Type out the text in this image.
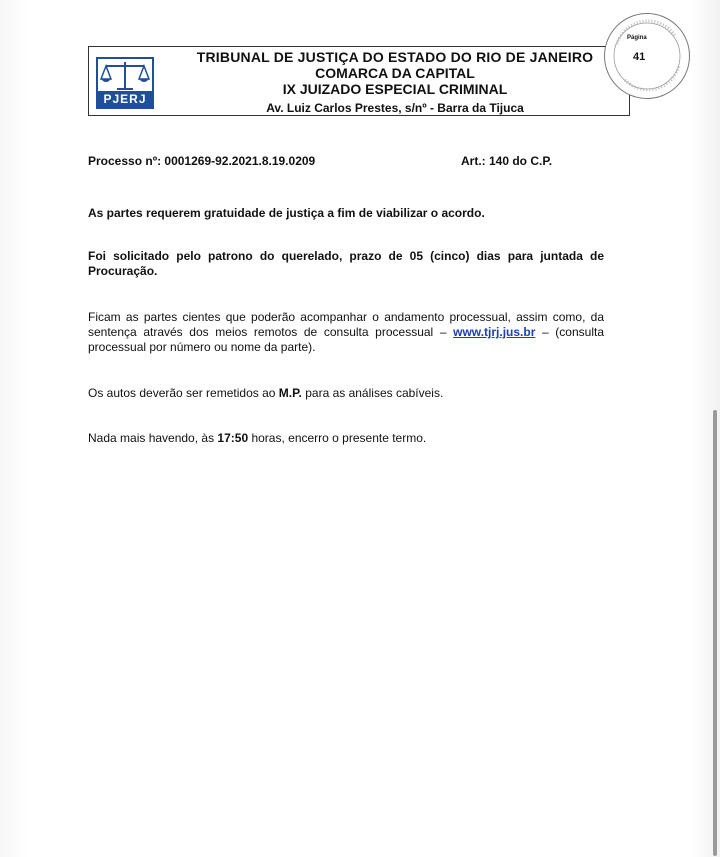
PJERJ
TRIBUNAL DE JUSTIÇA DO ESTADO DO RIO DE JANEIRO
COMARCA DA CAPITAL
IX JUIZADO ESPECIAL CRIMINAL
Av. Luiz Carlos Prestes, s/nº - Barra da Tijuca
Página
41
Processo nº: 0001269-92.2021.8.19.0209	Art.: 140 do C.P.
As partes requerem gratuidade de justiça a fim de viabilizar o acordo.
Foi solicitado pelo patrono do querelado, prazo de 05 (cinco) dias para juntada de Procuração.
Ficam as partes cientes que poderão acompanhar o andamento processual, assim como, da sentença através dos meios remotos de consulta processual – www.tjrj.jus.br – (consulta processual por número ou nome da parte).
Os autos deverão ser remetidos ao M.P. para as análises cabíveis.
Nada mais havendo, às 17:50 horas, encerro o presente termo.
